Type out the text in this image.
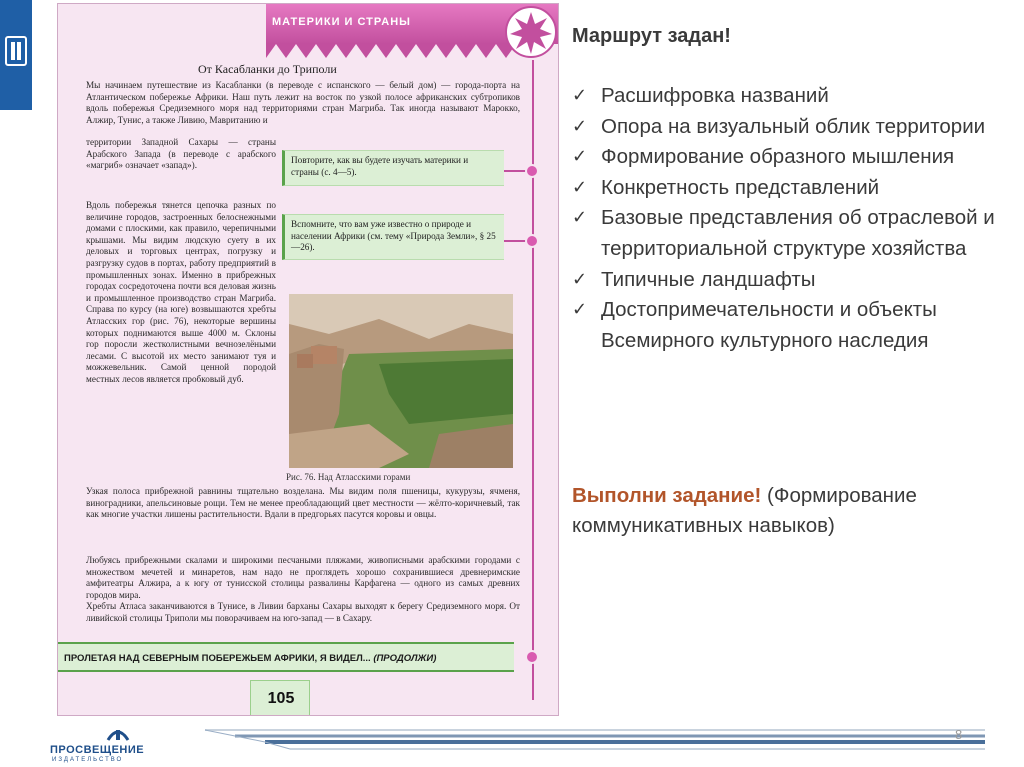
МАТЕРИКИ И СТРАНЫ
От Касабланки до Триполи
Мы начинаем путешествие из Касабланки (в переводе с испанского — белый дом) — города-порта на Атлантическом побережье Африки. Наш путь лежит на восток по узкой полосе африканских субтропиков вдоль побережья Средиземного моря над территориями стран Магриба. Так иногда называют Марокко, Алжир, Тунис, а также Ливию, Мавританию и
территории Западной Сахары — страны Арабского Запада (в переводе с арабского «магриб» означает «запад»).
Вдоль побережья тянется цепочка разных по величине городов, застроенных белоснежными домами с плоскими, как правило, черепичными крышами. Мы видим людскую суету в их деловых и торговых центрах, погрузку и разгрузку судов в портах, работу предприятий в промышленных зонах. Именно в прибрежных городах сосредоточена почти вся деловая жизнь и промышленное производство стран Магриба. Справа по курсу (на юге) возвышаются хребты Атласских гор (рис. 76), некоторые вершины которых поднимаются выше 4000 м. Склоны гор поросли жестколистными вечнозелёными лесами. С высотой их место занимают туя и можжевельник. Самой ценной породой местных лесов является пробковый дуб.
Повторите, как вы будете изучать материки и страны (с. 4—5).
Вспомните, что вам уже известно о природе и населении Африки (см. тему «Природа Земли», § 25—26).
Рис. 76. Над Атласскими горами
Узкая полоса прибрежной равнины тщательно возделана. Мы видим поля пшеницы, кукурузы, ячменя, виноградники, апельсиновые рощи. Тем не менее преобладающий цвет местности — жёлто-коричневый, так как многие участки лишены растительности. Вдали в предгорьях пасутся коровы и овцы.
Любуясь прибрежными скалами и широкими песчаными пляжами, живописными арабскими городами с множеством мечетей и минаретов, нам надо не проглядеть хорошо сохранившиеся древнеримские амфитеатры Алжира, а к югу от тунисской столицы развалины Карфагена — одного из самых древних городов мира.
Хребты Атласа заканчиваются в Тунисе, в Ливии барханы Сахары выходят к берегу Средиземного моря. От ливийской столицы Триполи мы поворачиваем на юго-запад — в Сахару.
ПРОЛЕТАЯ НАД СЕВЕРНЫМ ПОБЕРЕЖЬЕМ АФРИКИ, Я ВИДЕЛ... (ПРОДОЛЖИ)
105
Маршрут задан!
✓ Расшифровка названий
✓ Опора на визуальный облик территории
✓ Формирование образного мышления
✓ Конкретность представлений
✓ Базовые представления об отраслевой и территориальной структуре хозяйства
✓ Типичные ландшафты
✓ Достопримечательности и объекты Всемирного культурного наследия
Выполни задание! (Формирование коммуникативных навыков)
ПРОСВЕЩЕНИЕ
ИЗДАТЕЛЬСТВО
8
